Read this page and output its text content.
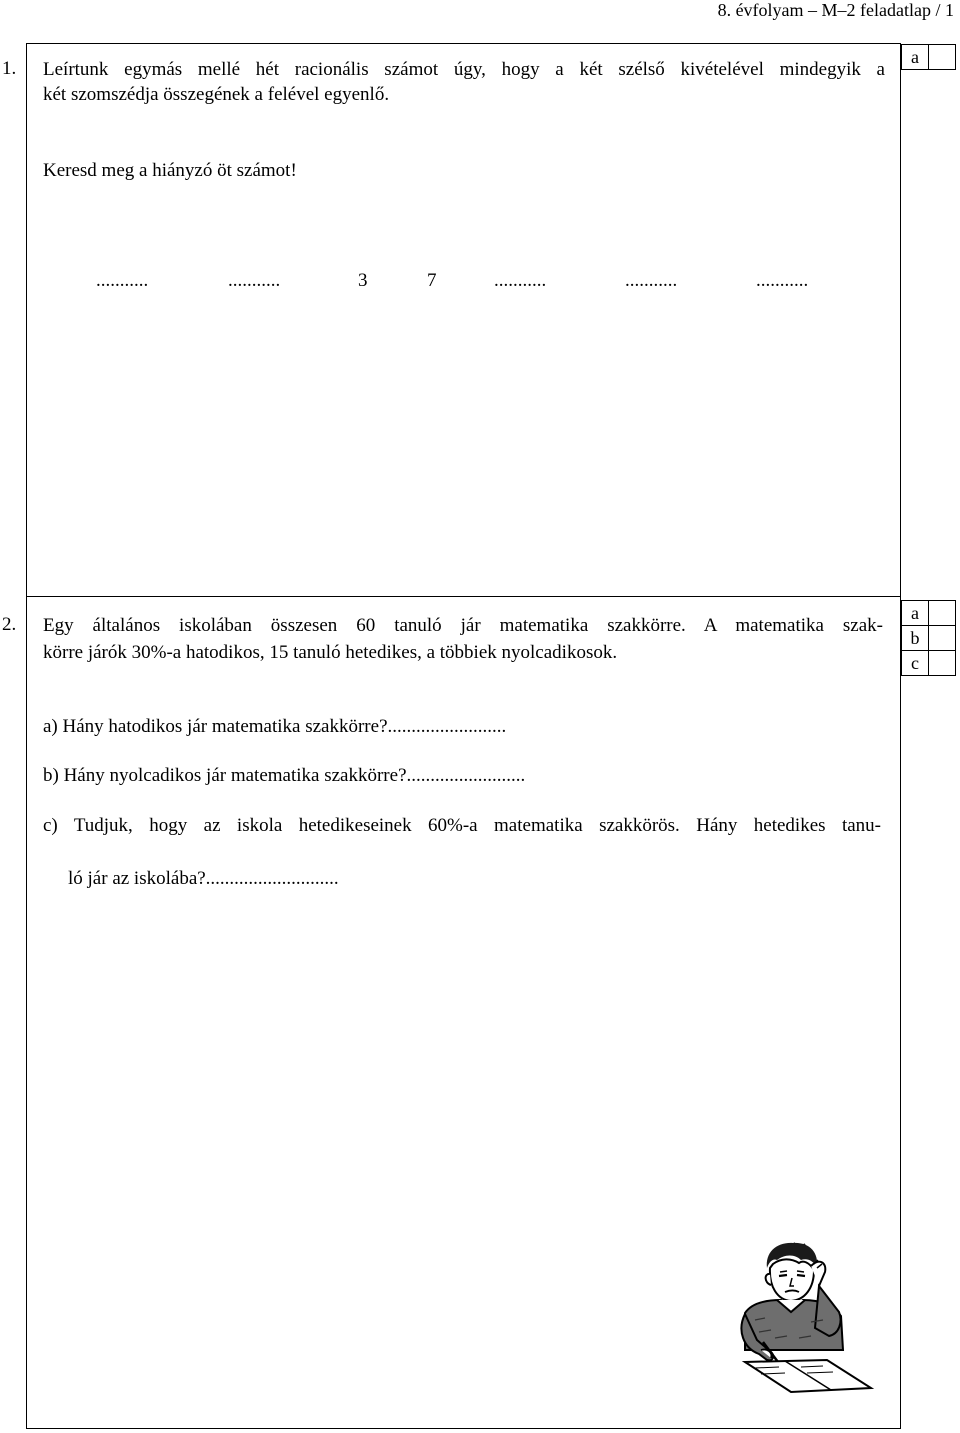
8. évfolyam – M–2 feladatlap / 1
1. Leírtunk egymás mellé hét racionális számot úgy, hogy a két szélső kivételével mindegyik a
két szomszédja összegének a felével egyenlő.
Keresd meg a hiányzó öt számot!
...........	...........	3	7	...........	...........	...........
a	
2. Egy általános iskolában összesen 60 tanuló jár matematika szakkörre. A matematika szak-
körre járók 30%-a hatodikos, 15 tanuló hetedikes, a többiek nyolcadikosok.
a) Hány hatodikos jár matematika szakkörre?.........................
b) Hány nyolcadikos jár matematika szakkörre?.........................
c) Tudjuk, hogy az iskola hetedikeseinek 60%-a matematika szakkörös. Hány hetedikes tanu-
ló jár az iskolába?............................
a	
b	
c	
